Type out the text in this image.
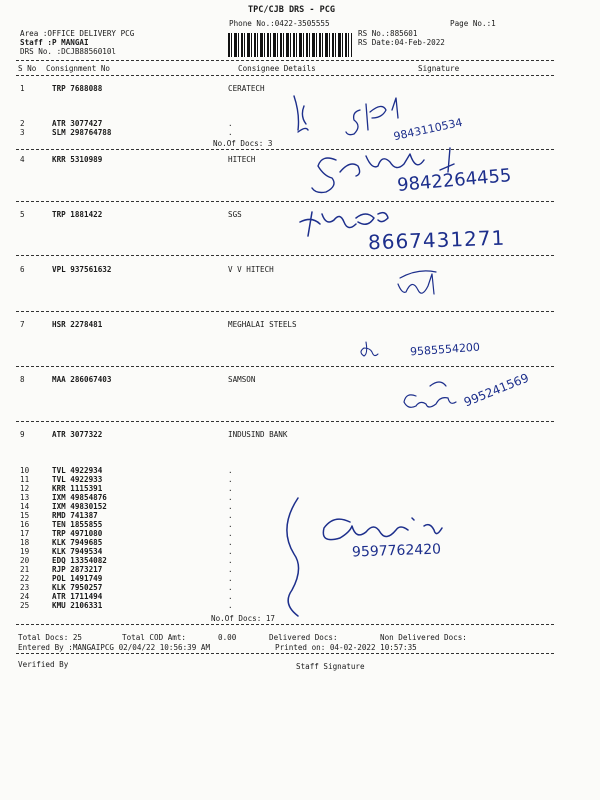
TPC/CJB DRS - PCG
Phone No.:0422-3505555	Page No.:1
Area :OFFICE DELIVERY PCG
Staff :P MANGAI
DRS No. :DCJB8856010l
RS No.:885601
RS Date:04-Feb-2022
S No Consignment No	Consignee Details	Signature
1	TRP 7688088	CERATECH
2	ATR 3077427	.
3	SLM 298764788	.
No.Of Docs: 3
4	KRR 5310989	HITECH
5	TRP 1881422	SGS
6	VPL 937561632	V V HITECH
7	HSR 2278481	MEGHALAI STEELS
8	MAA 286067403	SAMSON
9	ATR 3077322	INDUSIND BANK
10	TVL 4922934	.
11	TVL 4922933	.
12	KRR 1115391	.
13	IXM 49854876	.
14	IXM 49830152	.
15	RMD 741387	.
16	TEN 1855855	.
17	TRP 4971080	.
18	KLK 7949685	.
19	KLK 7949534	.
20	EDQ 13354082	.
21	RJP 2873217	.
22	POL 1491749	.
23	KLK 7950257	.
24	ATR 1711494	.
25	KMU 2106331	.
No.Of Docs: 17
Total Docs: 25	Total COD Amt:	0.00	Delivered Docs:	Non Delivered Docs:
Entered By :MANGAIPCG 02/04/22 10:56:39 AM	Printed on: 04-02-2022 10:57:35
Verified By	Staff Signature
9843110534
9842264455
8667431271
9585554200
995241569
9597762420
